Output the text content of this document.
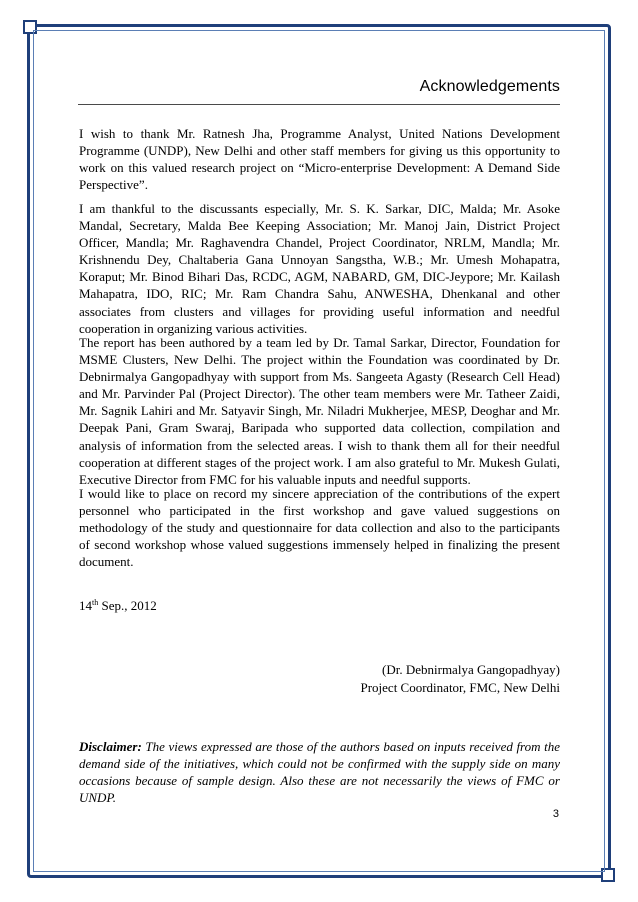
Acknowledgements

I wish to thank Mr. Ratnesh Jha, Programme Analyst, United Nations Development Programme (UNDP), New Delhi and other staff members for giving us this opportunity to work on this valued research project on “Micro-enterprise Development: A Demand Side Perspective”.

I am thankful to the discussants especially, Mr. S. K. Sarkar, DIC, Malda; Mr. Asoke Mandal, Secretary, Malda Bee Keeping Association; Mr. Manoj Jain, District Project Officer, Mandla; Mr. Raghavendra Chandel, Project Coordinator, NRLM, Mandla; Mr. Krishnendu Dey, Chaltaberia Gana Unnoyan Sangstha, W.B.; Mr. Umesh Mohapatra, Koraput; Mr. Binod Bihari Das, RCDC, AGM, NABARD, GM, DIC-Jeypore; Mr. Kailash Mahapatra, IDO, RIC; Mr. Ram Chandra Sahu, ANWESHA, Dhenkanal and other associates from clusters and villages for providing useful information and needful cooperation in organizing various activities.

The report has been authored by a team led by Dr. Tamal Sarkar, Director, Foundation for MSME Clusters, New Delhi. The project within the Foundation was coordinated by Dr. Debnirmalya Gangopadhyay with support from Ms. Sangeeta Agasty (Research Cell Head) and Mr. Parvinder Pal (Project Director). The other team members were Mr. Tatheer Zaidi, Mr. Sagnik Lahiri and Mr. Satyavir Singh, Mr. Niladri Mukherjee, MESP, Deoghar and Mr. Deepak Pani, Gram Swaraj, Baripada who supported data collection, compilation and analysis of information from the selected areas. I wish to thank them all for their needful cooperation at different stages of the project work. I am also grateful to Mr. Mukesh Gulati, Executive Director from FMC for his valuable inputs and needful supports.

I would like to place on record my sincere appreciation of the contributions of the expert personnel who participated in the first workshop and gave valued suggestions on methodology of the study and questionnaire for data collection and also to the participants of second workshop whose valued suggestions immensely helped in finalizing the present document.

14th Sep., 2012
(Dr. Debnirmalya Gangopadhyay)
Project Coordinator, FMC, New Delhi

Disclaimer: The views expressed are those of the authors based on inputs received from the demand side of the initiatives, which could not be confirmed with the supply side on many occasions because of sample design. Also these are not necessarily the views of FMC or UNDP.

3
